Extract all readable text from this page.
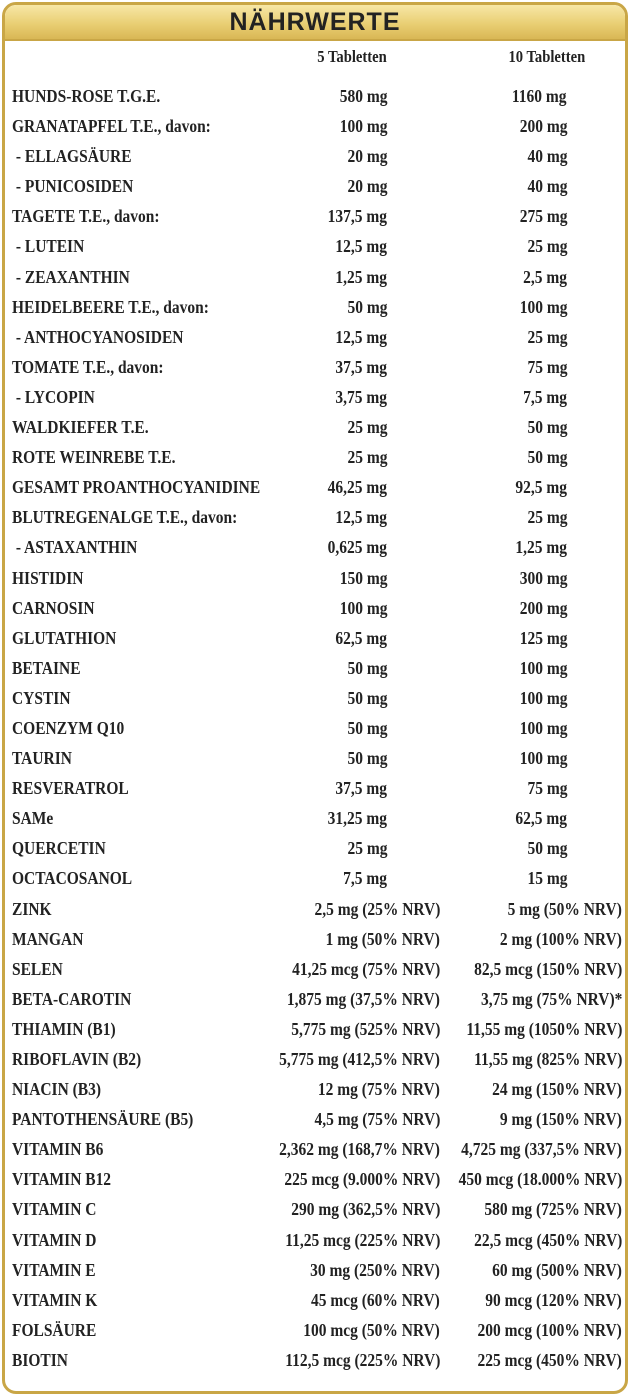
NÄHRWERTE
5 Tabletten	10 Tabletten
HUNDS-ROSE T.G.E.	580 mg	1160 mg
GRANATAPFEL T.E., davon:	100 mg	200 mg
- ELLAGSÄURE	20 mg	40 mg
- PUNICOSIDEN	20 mg	40 mg
TAGETE T.E., davon:	137,5 mg	275 mg
- LUTEIN	12,5 mg	25 mg
- ZEAXANTHIN	1,25 mg	2,5 mg
HEIDELBEERE T.E., davon:	50 mg	100 mg
- ANTHOCYANOSIDEN	12,5 mg	25 mg
TOMATE T.E., davon:	37,5 mg	75 mg
- LYCOPIN	3,75 mg	7,5 mg
WALDKIEFER T.E.	25 mg	50 mg
ROTE WEINREBE T.E.	25 mg	50 mg
GESAMT PROANTHOCYANIDINE	46,25 mg	92,5 mg
BLUTREGENALGE T.E., davon:	12,5 mg	25 mg
- ASTAXANTHIN	0,625 mg	1,25 mg
HISTIDIN	150 mg	300 mg
CARNOSIN	100 mg	200 mg
GLUTATHION	62,5 mg	125 mg
BETAINE	50 mg	100 mg
CYSTIN	50 mg	100 mg
COENZYM Q10	50 mg	100 mg
TAURIN	50 mg	100 mg
RESVERATROL	37,5 mg	75 mg
SAMe	31,25 mg	62,5 mg
QUERCETIN	25 mg	50 mg
OCTACOSANOL	7,5 mg	15 mg
ZINK	2,5 mg (25% NRV)	5 mg (50% NRV)
MANGAN	1 mg (50% NRV)	2 mg (100% NRV)
SELEN	41,25 mcg (75% NRV) 82,5 mcg (150% NRV)
BETA-CAROTIN	1,875 mg (37,5% NRV) 3,75 mg (75% NRV)*
THIAMIN (B1)	5,775 mg (525% NRV) 11,55 mg (1050% NRV)
RIBOFLAVIN (B2)	5,775 mg (412,5% NRV) 11,55 mg (825% NRV)
NIACIN (B3)	12 mg (75% NRV)	24 mg (150% NRV)
PANTOTHENSÄURE (B5)	4,5 mg (75% NRV)	9 mg (150% NRV)
VITAMIN B6	2,362 mg (168,7% NRV) 4,725 mg (337,5% NRV)
VITAMIN B12	225 mcg (9.000% NRV) 450 mcg (18.000% NRV)
VITAMIN C	290 mg (362,5% NRV) 580 mg (725% NRV)
VITAMIN D	11,25 mcg (225% NRV) 22,5 mcg (450% NRV)
VITAMIN E	30 mg (250% NRV)	60 mg (500% NRV)
VITAMIN K	45 mcg (60% NRV)	90 mcg (120% NRV)
FOLSÄURE	100 mcg (50% NRV) 200 mcg (100% NRV)
BIOTIN	112,5 mcg (225% NRV) 225 mcg (450% NRV)
